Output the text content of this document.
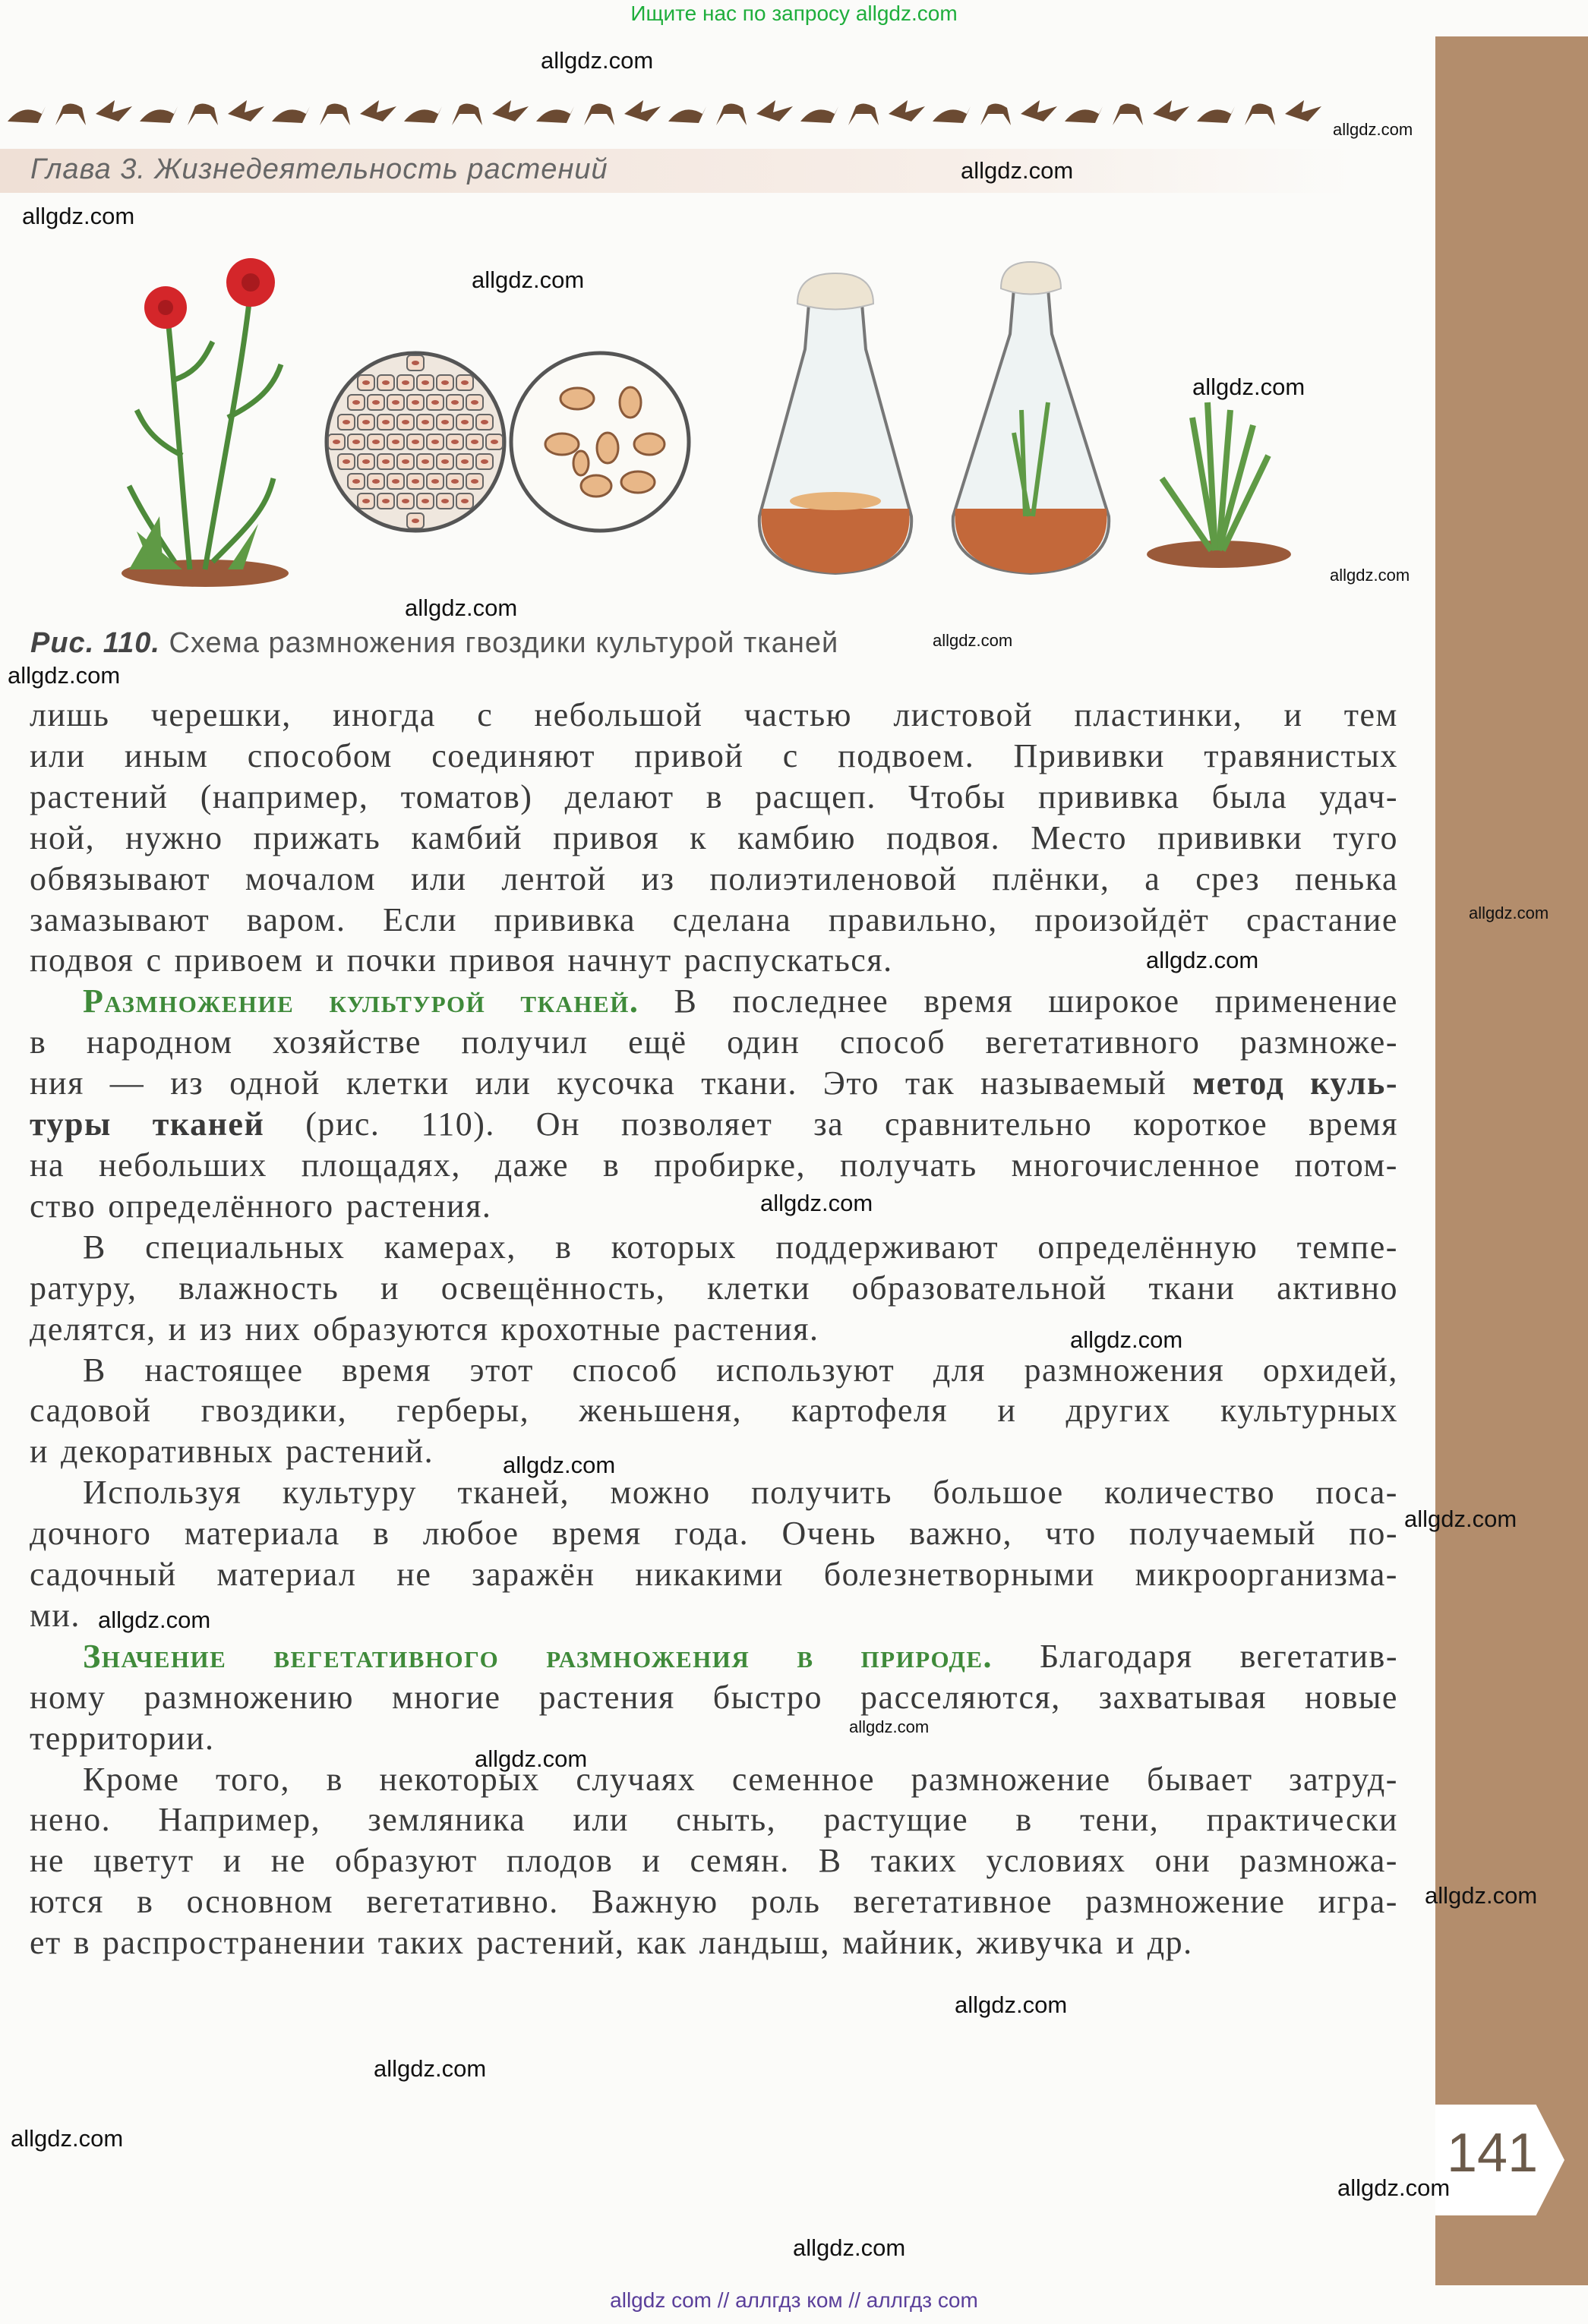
Ищите нас по запросу allgdz.com
141
Глава 3. Жизнедеятельность растений
Рис. 110. Схема размножения гвоздики культурой тканей
лишь черешки, иногда с небольшой частью листовой пластинки, и тем
или иным способом соединяют привой с подвоем. Прививки травянистых
растений (например, томатов) делают в расщеп. Чтобы прививка была удач-
ной, нужно прижать камбий привоя к камбию подвоя. Место прививки туго
обвязывают мочалом или лентой из полиэтиленовой плёнки, а срез пенька
замазывают варом. Если прививка сделана правильно, произойдёт срастание
подвоя с привоем и почки привоя начнут распускаться.
Размножение культурой тканей. В последнее время широкое применение
в народном хозяйстве получил ещё один способ вегетативного размноже-
ния — из одной клетки или кусочка ткани. Это так называемый метод куль-
туры тканей (рис. 110). Он позволяет за сравнительно короткое время
на небольших площадях, даже в пробирке, получать многочисленное потом-
ство определённого растения.
В специальных камерах, в которых поддерживают определённую темпе-
ратуру, влажность и освещённость, клетки образовательной ткани активно
делятся, и из них образуются крохотные растения.
В настоящее время этот способ используют для размножения орхидей,
садовой гвоздики, герберы, женьшеня, картофеля и других культурных
и декоративных растений.
Используя культуру тканей, можно получить большое количество поса-
дочного материала в любое время года. Очень важно, что получаемый по-
садочный материал не заражён никакими болезнетворными микроорганизма-
ми.
Значение вегетативного размножения в природе. Благодаря вегетатив-
ному размножению многие растения быстро расселяются, захватывая новые
территории.
Кроме того, в некоторых случаях семенное размножение бывает затруд-
нено. Например, земляника или сныть, растущие в тени, практически
не цветут и не образуют плодов и семян. В таких условиях они размножа-
ются в основном вегетативно. Важную роль вегетативное размножение игра-
ет в распространении таких растений, как ландыш, майник, живучка и др.
allgdz.com
allgdz.com
allgdz.com
allgdz.com
allgdz.com
allgdz.com
allgdz.com
allgdz.com
allgdz.com
allgdz.com
allgdz.com
allgdz.com
allgdz.com
allgdz.com
allgdz.com
allgdz.com
allgdz.com
allgdz.com
allgdz.com
allgdz.com
allgdz.com
allgdz.com
allgdz.com
allgdz.com
allgdz.com
allgdz com // аллгдз ком // аллгдз com
